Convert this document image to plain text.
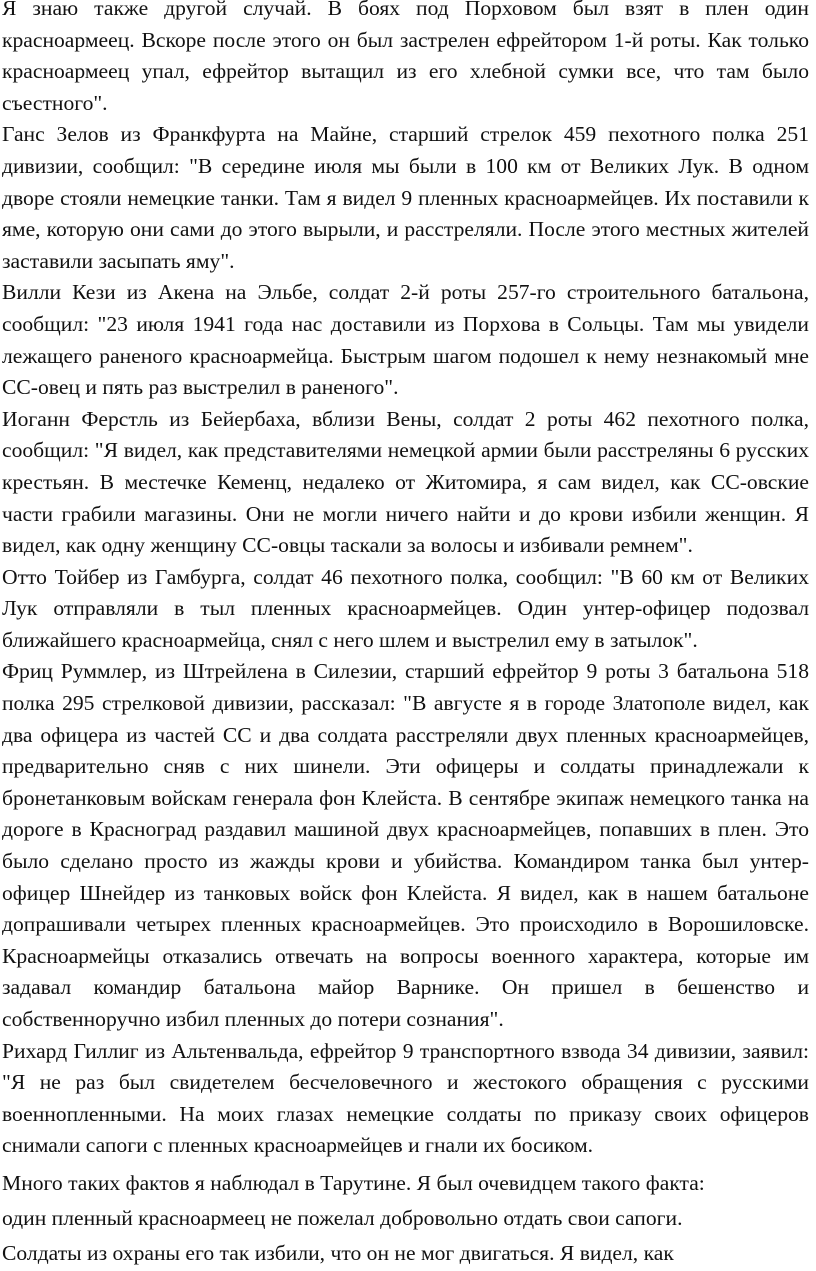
Я знаю также другой случай. В боях под Порховом был взят в плен один красноармеец. Вскоре после этого он был застрелен ефрейтором 1-й роты. Как только красноармеец упал, ефрейтор вытащил из его хлебной сумки все, что там было съестного".

Ганс Зелов из Франкфурта на Майне, старший стрелок 459 пехотного полка 251 дивизии, сообщил: "В середине июля мы были в 100 км от Великих Лук. В одном дворе стояли немецкие танки. Там я видел 9 пленных красноармейцев. Их поставили к яме, которую они сами до этого вырыли, и расстреляли. После этого местных жителей заставили засыпать яму".

Вилли Кези из Акена на Эльбе, солдат 2-й роты 257-го строительного батальона, сообщил: "23 июля 1941 года нас доставили из Порхова в Сольцы. Там мы увидели лежащего раненого красноармейца. Быстрым шагом подошел к нему незнакомый мне СС-овец и пять раз выстрелил в раненого".

Иоганн Ферстль из Бейербаха, вблизи Вены, солдат 2 роты 462 пехотного полка, сообщил: "Я видел, как представителями немецкой армии были расстреляны 6 русских крестьян. В местечке Кеменц, недалеко от Житомира, я сам видел, как СС-овские части грабили магазины. Они не могли ничего найти и до крови избили женщин. Я видел, как одну женщину СС-овцы таскали за волосы и избивали ремнем".

Отто Тойбер из Гамбурга, солдат 46 пехотного полка, сообщил: "В 60 км от Великих Лук отправляли в тыл пленных красноармейцев. Один унтер-офицер подозвал ближайшего красноармейца, снял с него шлем и выстрелил ему в затылок".

Фриц Руммлер, из Штрейлена в Силезии, старший ефрейтор 9 роты 3 батальона 518 полка 295 стрелковой дивизии, рассказал: "В августе я в городе Златополе видел, как два офицера из частей СС и два солдата расстреляли двух пленных красноармейцев, предварительно сняв с них шинели. Эти офицеры и солдаты принадлежали к бронетанковым войскам генерала фон Клейста. В сентябре экипаж немецкого танка на дороге в Красноград раздавил машиной двух красноармейцев, попавших в плен. Это было сделано просто из жажды крови и убийства. Командиром танка был унтер-офицер Шнейдер из танковых войск фон Клейста. Я видел, как в нашем батальоне допрашивали четырех пленных красноармейцев. Это происходило в Ворошиловске. Красноармейцы отказались отвечать на вопросы военного характера, которые им задавал командир батальона майор Варнике. Он пришел в бешенство и собственноручно избил пленных до потери сознания".

Рихард Гиллиг из Альтенвальда, ефрейтор 9 транспортного взвода 34 дивизии, заявил: "Я не раз был свидетелем бесчеловечного и жестокого обращения с русскими военнопленными. На моих глазах немецкие солдаты по приказу своих офицеров снимали сапоги с пленных красноармейцев и гнали их босиком.

Много таких фактов я наблюдал в Тарутине. Я был очевидцем такого факта:

один пленный красноармеец не пожелал добровольно отдать свои сапоги.

Солдаты из охраны его так избили, что он не мог двигаться. Я видел, как
